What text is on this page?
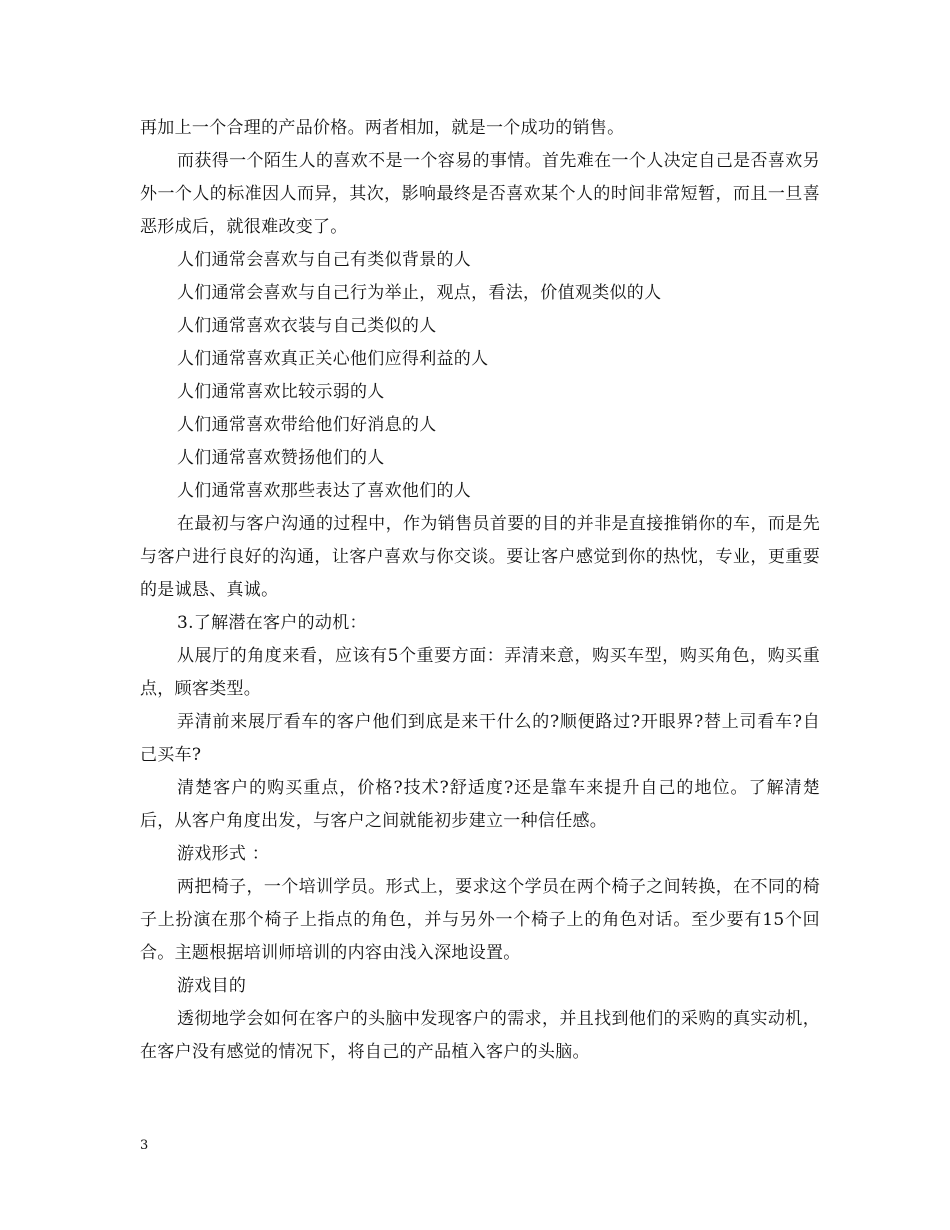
再加上一个合理的产品价格。两者相加，就是一个成功的销售。

而获得一个陌生人的喜欢不是一个容易的事情。首先难在一个人决定自己是否喜欢另外一个人的标准因人而异，其次，影响最终是否喜欢某个人的时间非常短暂，而且一旦喜恶形成后，就很难改变了。

人们通常会喜欢与自己有类似背景的人

人们通常会喜欢与自己行为举止，观点，看法，价值观类似的人

人们通常喜欢衣装与自己类似的人

人们通常喜欢真正关心他们应得利益的人

人们通常喜欢比较示弱的人

人们通常喜欢带给他们好消息的人

人们通常喜欢赞扬他们的人

人们通常喜欢那些表达了喜欢他们的人

在最初与客户沟通的过程中，作为销售员首要的目的并非是直接推销你的车，而是先与客户进行良好的沟通，让客户喜欢与你交谈。要让客户感觉到你的热忱，专业，更重要的是诚恳、真诚。

3.了解潜在客户的动机：

从展厅的角度来看，应该有5个重要方面：弄清来意，购买车型，购买角色，购买重点，顾客类型。

弄清前来展厅看车的客户他们到底是来干什么的?顺便路过?开眼界?替上司看车?自己买车?

清楚客户的购买重点，价格?技术?舒适度?还是靠车来提升自己的地位。了解清楚后，从客户角度出发，与客户之间就能初步建立一种信任感。

游戏形式 ：

两把椅子，一个培训学员。形式上，要求这个学员在两个椅子之间转换，在不同的椅子上扮演在那个椅子上指点的角色，并与另外一个椅子上的角色对话。至少要有15个回合。主题根据培训师培训的内容由浅入深地设置。

游戏目的

透彻地学会如何在客户的头脑中发现客户的需求，并且找到他们的采购的真实动机，在客户没有感觉的情况下，将自己的产品植入客户的头脑。

3
